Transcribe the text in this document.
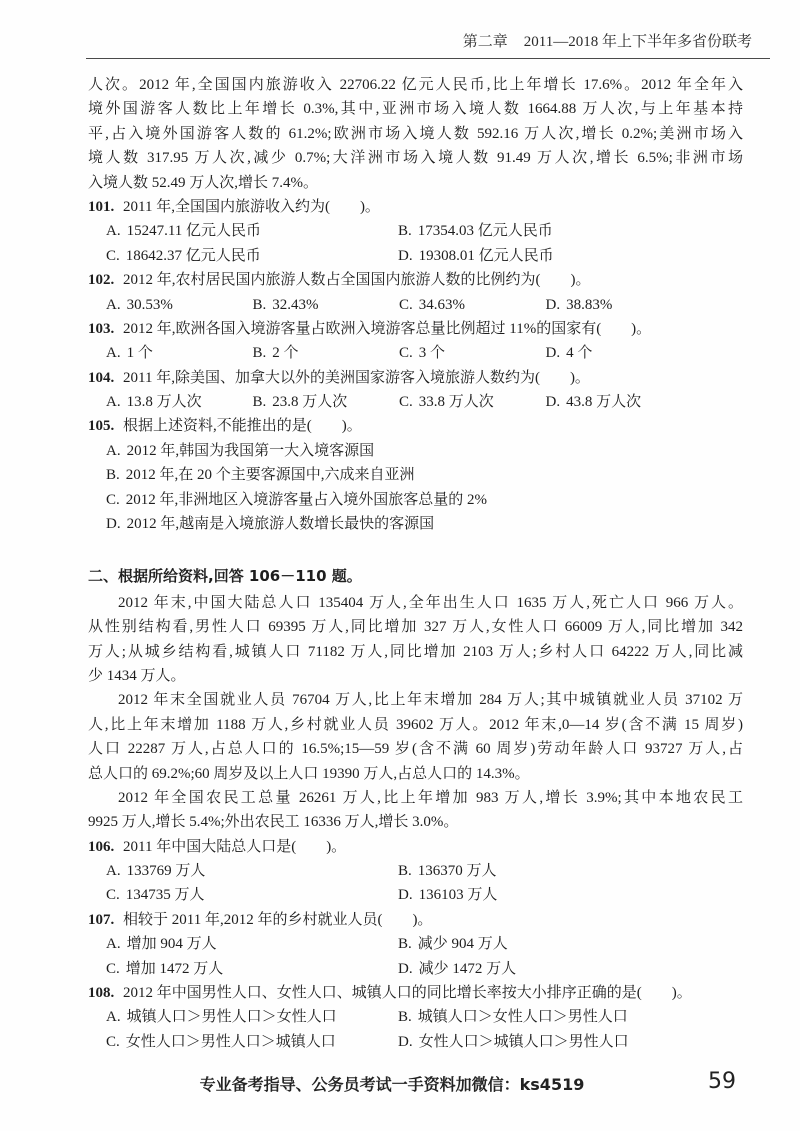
第二章 2011—2018 年上下半年多省份联考
人次。2012 年,全国国内旅游收入 22706.22 亿元人民币,比上年增长 17.6%。2012 年全年入
境外国游客人数比上年增长 0.3%,其中,亚洲市场入境人数 1664.88 万人次,与上年基本持
平,占入境外国游客人数的 61.2%;欧洲市场入境人数 592.16 万人次,增长 0.2%;美洲市场入
境人数 317.95 万人次,减少 0.7%;大洋洲市场入境人数 91.49 万人次,增长 6.5%;非洲市场
入境人数 52.49 万人次,增长 7.4%。
101. 2011 年,全国国内旅游收入约为(　　)。
A. 15247.11 亿元人民币	B. 17354.03 亿元人民币
C. 18642.37 亿元人民币	D. 19308.01 亿元人民币
102. 2012 年,农村居民国内旅游人数占全国国内旅游人数的比例约为(　　)。
A. 30.53%	B. 32.43%	C. 34.63%	D. 38.83%
103. 2012 年,欧洲各国入境游客量占欧洲入境游客总量比例超过 11%的国家有(　　)。
A. 1 个	B. 2 个	C. 3 个	D. 4 个
104. 2011 年,除美国、加拿大以外的美洲国家游客入境旅游人数约为(　　)。
A. 13.8 万人次	B. 23.8 万人次	C. 33.8 万人次	D. 43.8 万人次
105. 根据上述资料,不能推出的是(　　)。
A. 2012 年,韩国为我国第一大入境客源国
B. 2012 年,在 20 个主要客源国中,六成来自亚洲
C. 2012 年,非洲地区入境游客量占入境外国旅客总量的 2%
D. 2012 年,越南是入境旅游人数增长最快的客源国
二、根据所给资料,回答 106－110 题。
2012 年末,中国大陆总人口 135404 万人,全年出生人口 1635 万人,死亡人口 966 万人。
从性别结构看,男性人口 69395 万人,同比增加 327 万人,女性人口 66009 万人,同比增加 342
万人;从城乡结构看,城镇人口 71182 万人,同比增加 2103 万人;乡村人口 64222 万人,同比减
少 1434 万人。
2012 年末全国就业人员 76704 万人,比上年末增加 284 万人;其中城镇就业人员 37102 万
人,比上年末增加 1188 万人,乡村就业人员 39602 万人。2012 年末,0—14 岁(含不满 15 周岁)
人口 22287 万人,占总人口的 16.5%;15—59 岁(含不满 60 周岁)劳动年龄人口 93727 万人,占
总人口的 69.2%;60 周岁及以上人口 19390 万人,占总人口的 14.3%。
2012 年全国农民工总量 26261 万人,比上年增加 983 万人,增长 3.9%;其中本地农民工
9925 万人,增长 5.4%;外出农民工 16336 万人,增长 3.0%。
106. 2011 年中国大陆总人口是(　　)。
A. 133769 万人	B. 136370 万人
C. 134735 万人	D. 136103 万人
107. 相较于 2011 年,2012 年的乡村就业人员(　　)。
A. 增加 904 万人	B. 减少 904 万人
C. 增加 1472 万人	D. 减少 1472 万人
108. 2012 年中国男性人口、女性人口、城镇人口的同比增长率按大小排序正确的是(　　)。
A. 城镇人口＞男性人口＞女性人口	B. 城镇人口＞女性人口＞男性人口
C. 女性人口＞男性人口＞城镇人口	D. 女性人口＞城镇人口＞男性人口
专业备考指导、公务员考试一手资料加微信：ks4519	59
